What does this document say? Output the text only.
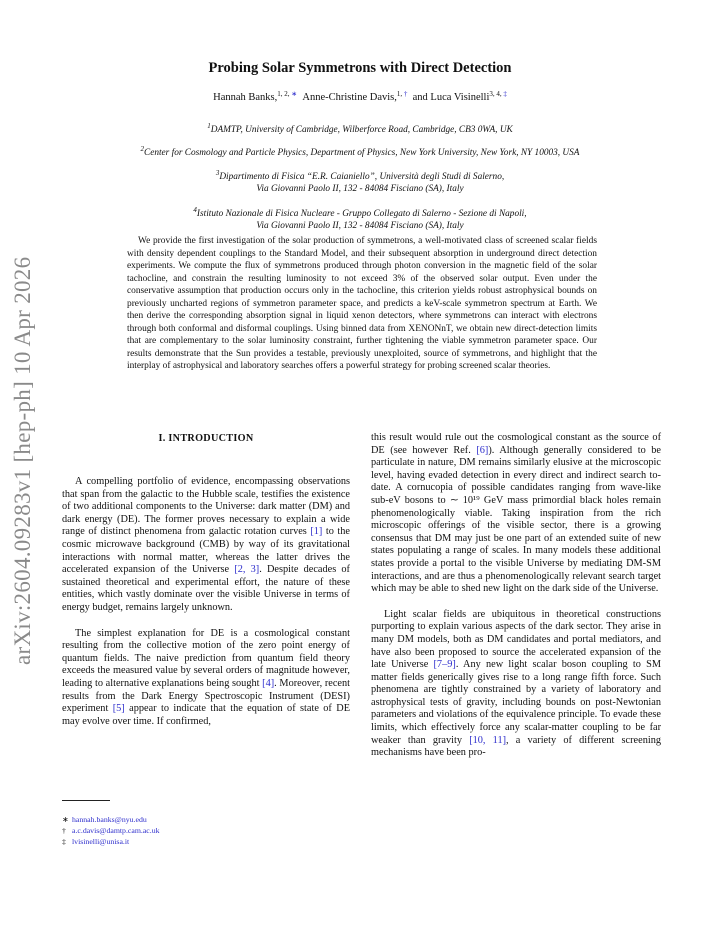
arXiv:2604.09283v1 [hep-ph] 10 Apr 2026
Probing Solar Symmetrons with Direct Detection
Hannah Banks,$^{1, 2,}$ ∗ Anne-Christine Davis,$^{1,}$ † and Luca Visinelli$^{3, 4,}$ ‡
$^1$DAMTP, University of Cambridge, Wilberforce Road, Cambridge, CB3 0WA, UK
$^2$Center for Cosmology and Particle Physics, Department of Physics, New York University, New York, NY 10003, USA
$^3$Dipartimento di Fisica “E.R. Caianiello”, Università degli Studi di Salerno,
Via Giovanni Paolo II, 132 - 84084 Fisciano (SA), Italy
$^4$Istituto Nazionale di Fisica Nucleare - Gruppo Collegato di Salerno - Sezione di Napoli,
Via Giovanni Paolo II, 132 - 84084 Fisciano (SA), Italy
We provide the first investigation of the solar production of symmetrons, a well-motivated class of screened scalar fields with density dependent couplings to the Standard Model, and their subsequent absorption in underground direct detection experiments. We compute the flux of symmetrons produced through photon conversion in the magnetic field of the solar tachocline, and constrain the resulting luminosity to not exceed 3% of the observed solar output. Even under the conservative assumption that production occurs only in the tachocline, this criterion yields robust astrophysical bounds on previously uncharted regions of symmetron parameter space, and predicts a keV-scale symmetron spectrum at Earth. We then derive the corresponding absorption signal in liquid xenon detectors, where symmetrons can interact with electrons through both conformal and disformal couplings. Using binned data from XENONnT, we obtain new direct-detection limits that are complementary to the solar luminosity constraint, further tightening the viable symmetron parameter space. Our results demonstrate that the Sun provides a testable, previously unexploited, source of symmetrons, and highlight that the interplay of astrophysical and laboratory searches offers a powerful strategy for probing screened scalar theories.
I. INTRODUCTION

A compelling portfolio of evidence, encompassing observations that span from the galactic to the Hubble scale, testifies the existence of two additional components to the Universe: dark matter (DM) and dark energy (DE). The former proves necessary to explain a wide range of distinct phenomena from galactic rotation curves [1] to the cosmic microwave background (CMB) by way of its gravitational interactions with normal matter, whereas the latter drives the accelerated expansion of the Universe [2, 3]. Despite decades of sustained theoretical and experimental effort, the nature of these entities, which vastly dominate over the visible Universe in terms of energy budget, remains largely unknown.

The simplest explanation for DE is a cosmological constant resulting from the collective motion of the zero point energy of quantum fields. The naive prediction from quantum field theory exceeds the measured value by several orders of magnitude however, leading to alternative explanations being sought [4]. Moreover, recent results from the Dark Energy Spectroscopic Instrument (DESI) experiment [5] appear to indicate that the equation of state of DE may evolve over time. If confirmed,

∗ hannah.banks@nyu.edu
† a.c.davis@damtp.cam.ac.uk
‡ lvisinelli@unisa.it

this result would rule out the cosmological constant as the source of DE (see however Ref. [6]). Although generally considered to be particulate in nature, DM remains similarly elusive at the microscopic level, having evaded detection in every direct and indirect search to-date. A cornucopia of possible candidates ranging from wave-like sub-eV bosons to ∼ 10¹⁹ GeV mass primordial black holes remain phenomenologically viable. Taking inspiration from the rich microscopic offerings of the visible sector, there is a growing consensus that DM may just be one part of an extended suite of new states populating a range of scales. In many models these additional states provide a portal to the visible Universe by mediating DM-SM interactions, and are thus a phenomenologically relevant search target which may be able to shed new light on the dark side of the Universe.

Light scalar fields are ubiquitous in theoretical constructions purporting to explain various aspects of the dark sector. They arise in many DM models, both as DM candidates and portal mediators, and have also been proposed to source the accelerated expansion of the late Universe [7–9]. Any new light scalar boson coupling to SM matter fields generically gives rise to a long range fifth force. Such phenomena are tightly constrained by a variety of laboratory and astrophysical tests of gravity, including bounds on post-Newtonian parameters and violations of the equivalence principle. To evade these limits, which effectively force any scalar-matter coupling to be far weaker than gravity [10, 11], a variety of different screening mechanisms have been pro-
